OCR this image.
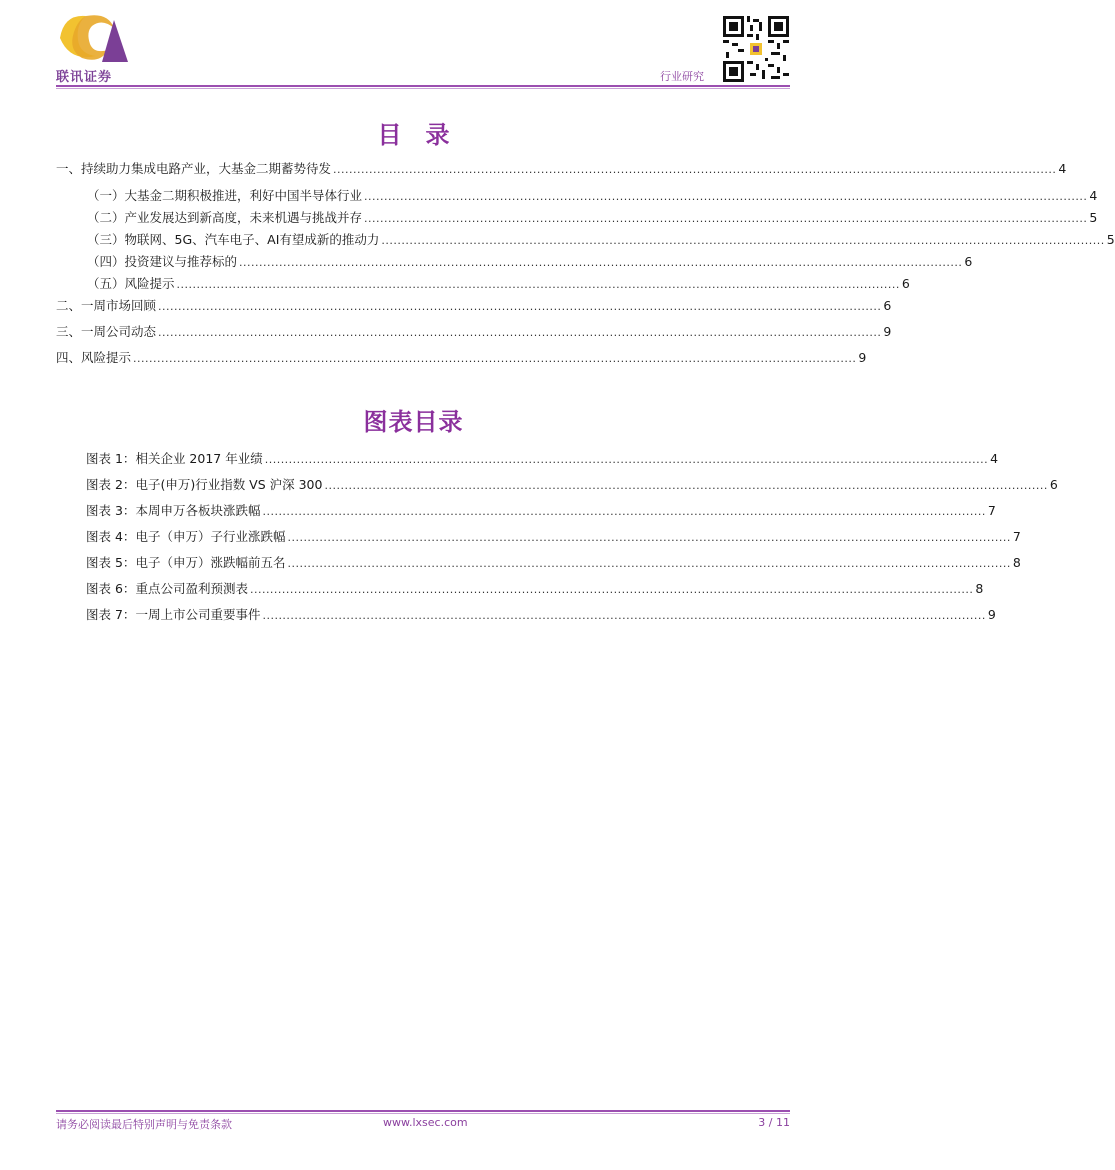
联讯证券	行业研究
目录
一、持续助力集成电路产业，大基金二期蓄势待发 ..................................................................................................................................................................................... 4
（一）大基金二期积极推进，利好中国半导体行业 ..................................................................................................................................................................................... 4
（二）产业发展达到新高度，未来机遇与挑战并存 ..................................................................................................................................................................................... 5
（三）物联网、5G、汽车电子、AI有望成新的推动力 ..................................................................................................................................................................................... 5
（四）投资建议与推荐标的 ..................................................................................................................................................................................... 6
（五）风险提示 ..................................................................................................................................................................................... 6
二、一周市场回顾 ..................................................................................................................................................................................... 6
三、一周公司动态 ..................................................................................................................................................................................... 9
四、风险提示 ..................................................................................................................................................................................... 9
图表目录
图表 1： 相关企业 2017 年业绩 ..................................................................................................................................................................................... 4
图表 2： 电子(申万)行业指数 VS 沪深 300 ..................................................................................................................................................................................... 6
图表 3： 本周申万各板块涨跌幅 ..................................................................................................................................................................................... 7
图表 4： 电子（申万）子行业涨跌幅 ..................................................................................................................................................................................... 7
图表 5： 电子（申万）涨跌幅前五名 ..................................................................................................................................................................................... 8
图表 6： 重点公司盈利预测表 ..................................................................................................................................................................................... 8
图表 7： 一周上市公司重要事件 ..................................................................................................................................................................................... 9
请务必阅读最后特别声明与免责条款	www.lxsec.com	3 / 11
